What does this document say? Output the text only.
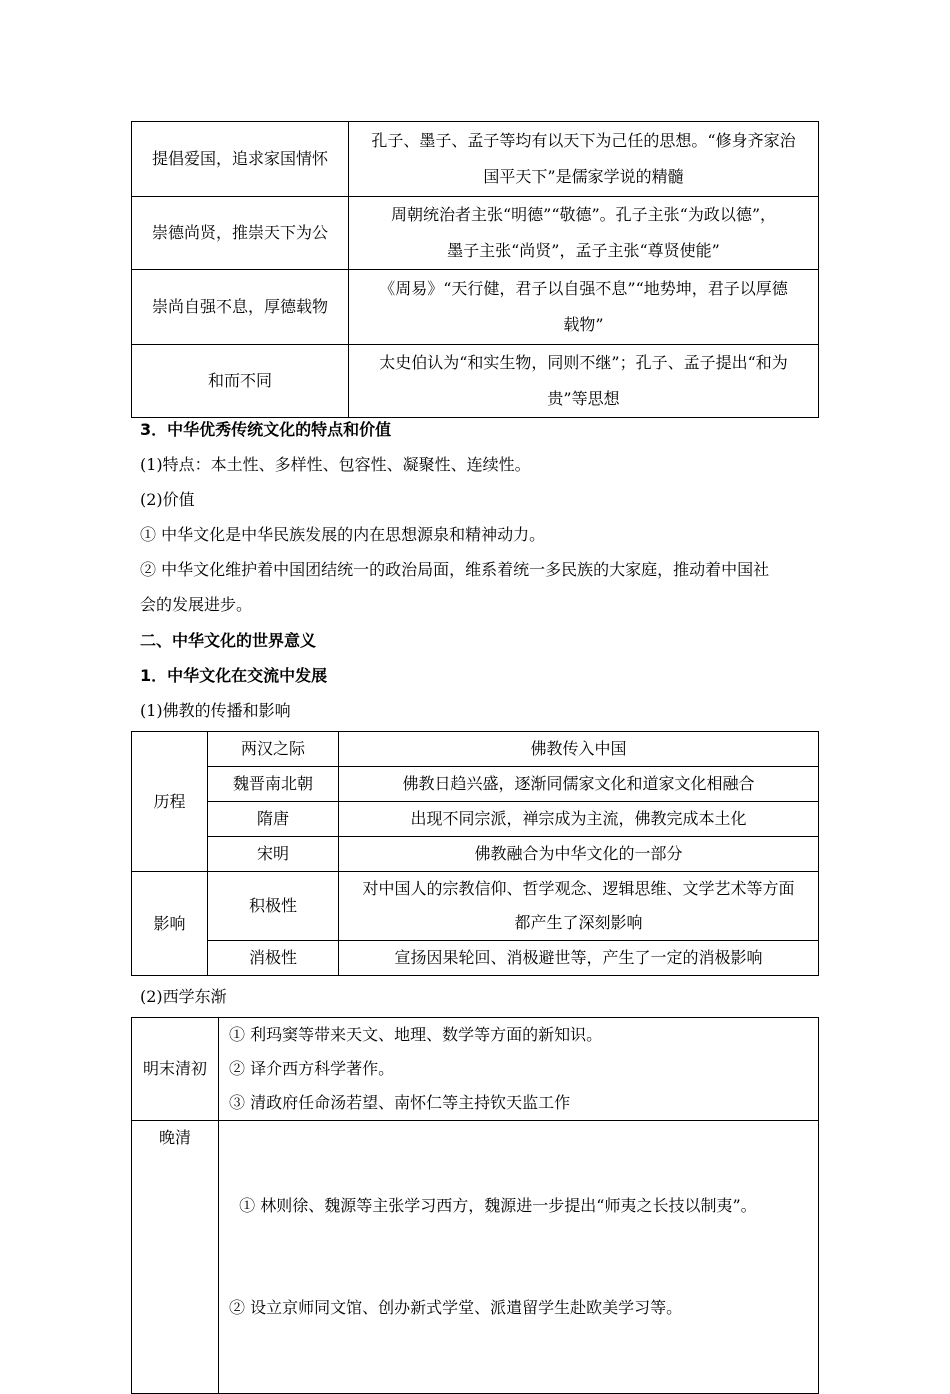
提倡爱国，追求家国情怀	孔子、墨子、孟子等均有以天下为己任的思想。“修身齐家治
国平天下”是儒家学说的精髓

崇德尚贤，推崇天下为公	周朝统治者主张“明德”“敬德”。孔子主张“为政以德”，
墨子主张“尚贤”，孟子主张“尊贤使能”

崇尚自强不息，厚德载物	《周易》“天行健，君子以自强不息”“地势坤，君子以厚德
载物”

和而不同	太史伯认为“和实生物，同则不继”；孔子、孟子提出“和为
贵”等思想
3．中华优秀传统文化的特点和价值
(1)特点：本土性、多样性、包容性、凝聚性、连续性。
(2)价值
① 中华文化是中华民族发展的内在思想源泉和精神动力。
② 中华文化维护着中国团结统一的政治局面，维系着统一多民族的大家庭，推动着中国社
会的发展进步。
二、中华文化的世界意义
1．中华文化在交流中发展
(1)佛教的传播和影响
历程	两汉之际	佛教传入中国
	魏晋南北朝	佛教日趋兴盛，逐渐同儒家文化和道家文化相融合
	隋唐	出现不同宗派，禅宗成为主流，佛教完成本土化
	宋明	佛教融合为中华文化的一部分
影响	积极性	对中国人的宗教信仰、哲学观念、逻辑思维、文学艺术等方面
都产生了深刻影响

	消极性	宣扬因果轮回、消极避世等，产生了一定的消极影响
(2)西学东渐
明末清初	① 利玛窦等带来天文、地理、数学等方面的新知识。
② 译介西方科学著作。
③ 清政府任命汤若望、南怀仁等主持钦天监工作

晚清	① 林则徐、魏源等主张学习西方，魏源进一步提出“师夷之长技以制夷”。

② 设立京师同文馆、创办新式学堂、派遣留学生赴欧美学习等。
